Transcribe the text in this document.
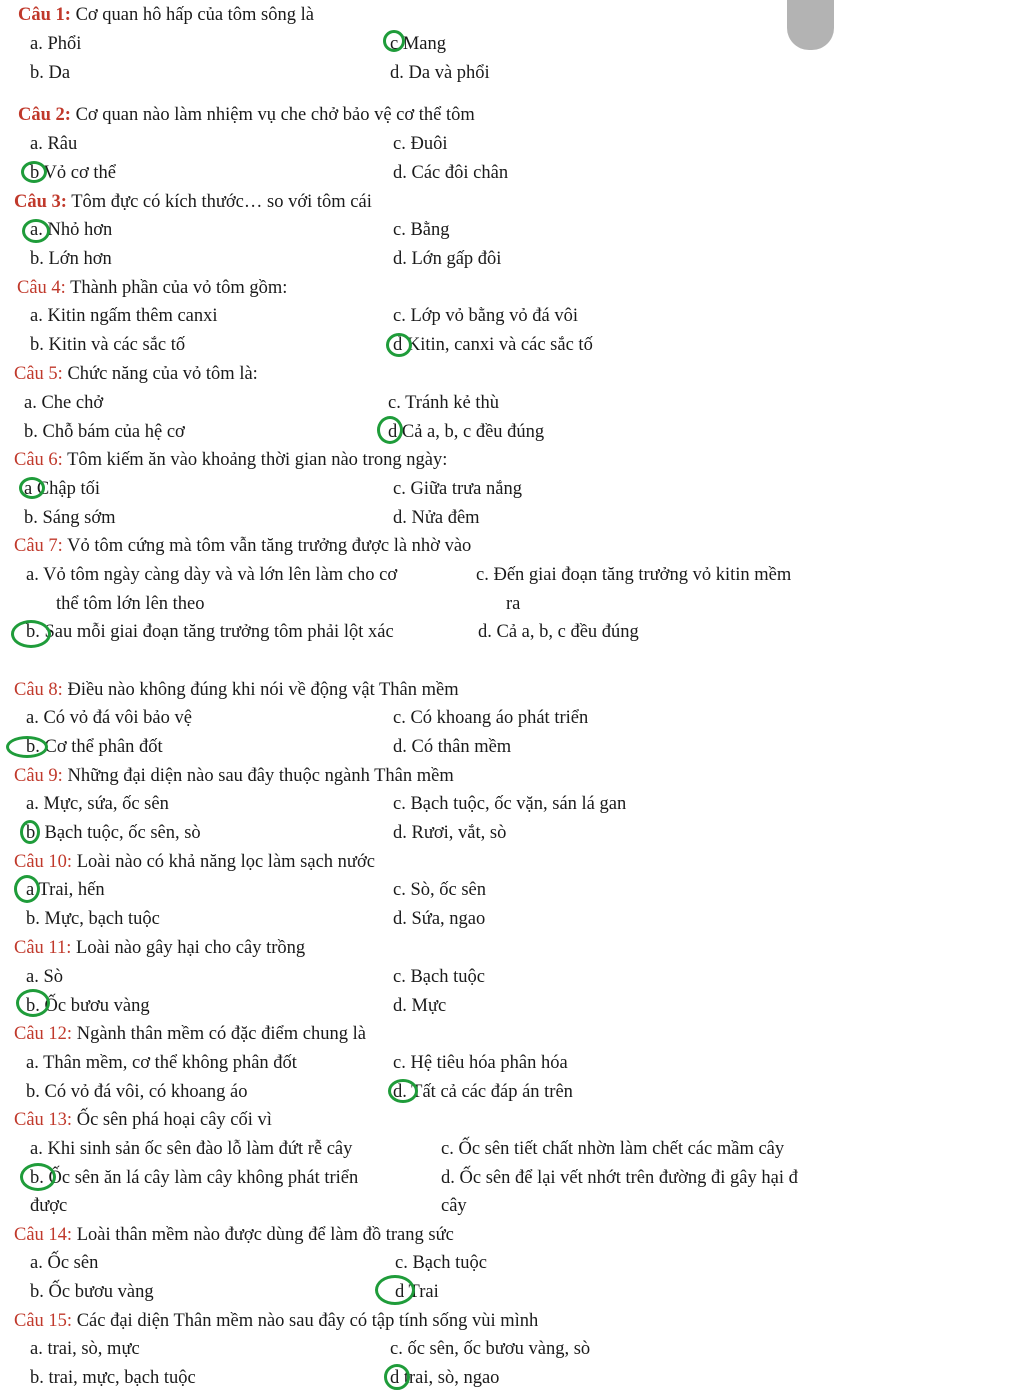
Câu 1: Cơ quan hô hấp của tôm sông là
a. Phổi	c Mang
b. Da	d. Da và phổi
Câu 2: Cơ quan nào làm nhiệm vụ che chở bảo vệ cơ thể tôm
a. Râu	c. Đuôi
b Vỏ cơ thể	d. Các đôi chân
Câu 3: Tôm đực có kích thước… so với tôm cái
a. Nhỏ hơn	c. Bằng
b. Lớn hơn	d. Lớn gấp đôi
Câu 4: Thành phần của vỏ tôm gồm:
a. Kitin ngấm thêm canxi	c. Lớp vỏ bằng vỏ đá vôi
b. Kitin và các sắc tố	d Kitin, canxi và các sắc tố
Câu 5: Chức năng của vỏ tôm là:
a. Che chở	c. Tránh kẻ thù
b. Chỗ bám của hệ cơ	d Cả a, b, c đều đúng
Câu 6: Tôm kiếm ăn vào khoảng thời gian nào trong ngày:
a Chập tối	c. Giữa trưa nắng
b. Sáng sớm	d. Nửa đêm
Câu 7: Vỏ tôm cứng mà tôm vẫn tăng trưởng được là nhờ vào
a. Vỏ tôm ngày càng dày và và lớn lên làm cho cơ	c. Đến giai đoạn tăng trưởng vỏ kitin mềm
thể tôm lớn lên theo	ra
b. Sau mỗi giai đoạn tăng trưởng tôm phải lột xác	d. Cả a, b, c đều đúng
Câu 8: Điều nào không đúng khi nói về động vật Thân mềm
a. Có vỏ đá vôi bảo vệ	c. Có khoang áo phát triển
b. Cơ thể phân đốt	d. Có thân mềm
Câu 9: Những đại diện nào sau đây thuộc ngành Thân mềm
a. Mực, sứa, ốc sên	c. Bạch tuộc, ốc vặn, sán lá gan
b. Bạch tuộc, ốc sên, sò	d. Rươi, vắt, sò
Câu 10: Loài nào có khả năng lọc làm sạch nước
a Trai, hến	c. Sò, ốc sên
b. Mực, bạch tuộc	d. Sứa, ngao
Câu 11: Loài nào gây hại cho cây trồng
a. Sò	c. Bạch tuộc
b. Ốc bươu vàng	d. Mực
Câu 12: Ngành thân mềm có đặc điểm chung là
a. Thân mềm, cơ thể không phân đốt	c. Hệ tiêu hóa phân hóa
b. Có vỏ đá vôi, có khoang áo	d. Tất cả các đáp án trên
Câu 13: Ốc sên phá hoại cây cối vì
a. Khi sinh sản ốc sên đào lỗ làm đứt rễ cây	c. Ốc sên tiết chất nhờn làm chết các mầm cây
b. Ốc sên ăn lá cây làm cây không phát triển	d. Ốc sên để lại vết nhớt trên đường đi gây hại đ
được	cây
Câu 14: Loài thân mềm nào được dùng để làm đồ trang sức
a. Ốc sên	c. Bạch tuộc
b. Ốc bươu vàng	d Trai
Câu 15: Các đại diện Thân mềm nào sau đây có tập tính sống vùi mình
a. trai, sò, mực	c. ốc sên, ốc bươu vàng, sò
b. trai, mực, bạch tuộc	d trai, sò, ngao
